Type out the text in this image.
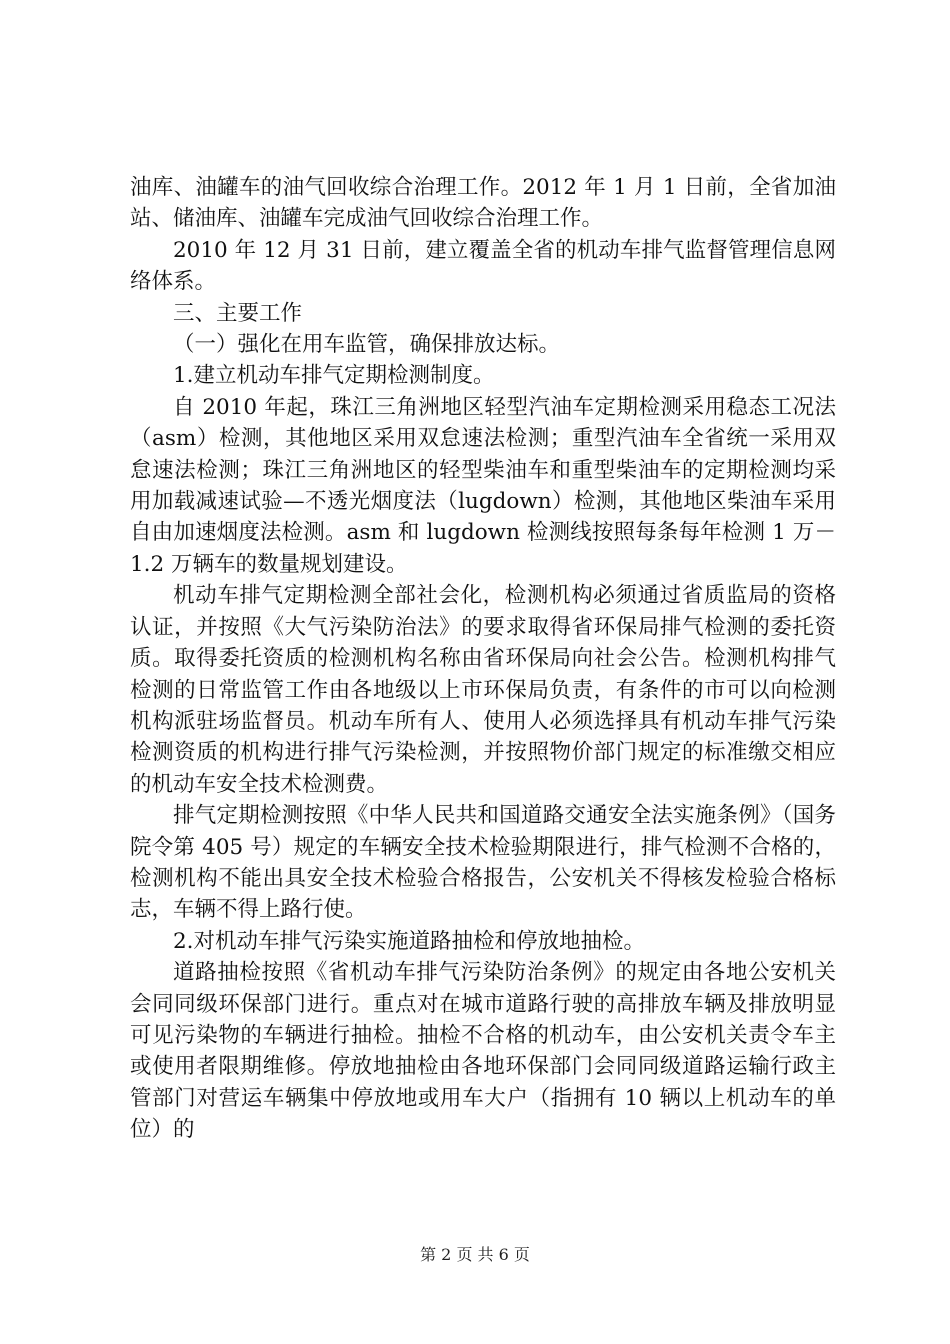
油库、油罐车的油气回收综合治理工作。2012 年 1 月 1 日前，全省加油站、储油库、油罐车完成油气回收综合治理工作。

2010 年 12 月 31 日前，建立覆盖全省的机动车排气监督管理信息网络体系。

三、主要工作

（一）强化在用车监管，确保排放达标。

1.建立机动车排气定期检测制度。

自 2010 年起，珠江三角洲地区轻型汽油车定期检测采用稳态工况法（asm）检测，其他地区采用双怠速法检测；重型汽油车全省统一采用双怠速法检测；珠江三角洲地区的轻型柴油车和重型柴油车的定期检测均采用加载减速试验—不透光烟度法（lugdown）检测，其他地区柴油车采用自由加速烟度法检测。asm 和 lugdown 检测线按照每条每年检测 1 万－1.2 万辆车的数量规划建设。

机动车排气定期检测全部社会化，检测机构必须通过省质监局的资格认证，并按照《大气污染防治法》的要求取得省环保局排气检测的委托资质。取得委托资质的检测机构名称由省环保局向社会公告。检测机构排气检测的日常监管工作由各地级以上市环保局负责，有条件的市可以向检测机构派驻场监督员。机动车所有人、使用人必须选择具有机动车排气污染检测资质的机构进行排气污染检测，并按照物价部门规定的标准缴交相应的机动车安全技术检测费。

排气定期检测按照《中华人民共和国道路交通安全法实施条例》（国务院令第 405 号）规定的车辆安全技术检验期限进行，排气检测不合格的，检测机构不能出具安全技术检验合格报告，公安机关不得核发检验合格标志，车辆不得上路行使。

2.对机动车排气污染实施道路抽检和停放地抽检。

道路抽检按照《省机动车排气污染防治条例》的规定由各地公安机关会同同级环保部门进行。重点对在城市道路行驶的高排放车辆及排放明显可见污染物的车辆进行抽检。抽检不合格的机动车，由公安机关责令车主或使用者限期维修。停放地抽检由各地环保部门会同同级道路运输行政主管部门对营运车辆集中停放地或用车大户（指拥有 10 辆以上机动车的单位）的

第 2 页 共 6 页
